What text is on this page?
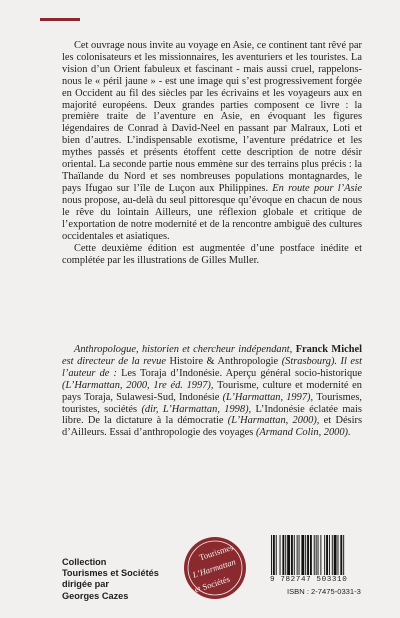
Cet ouvrage nous invite au voyage en Asie, ce continent tant rêvé par les colonisateurs et les missionnaires, les aventuriers et les touristes. La vision d’un Orient fabuleux et fascinant - mais aussi cruel, rappelons-nous le « péril jaune » - est une image qui s’est progressivement forgée en Occident au fil des siècles par les écrivains et les voyageurs aux en majorité européens. Deux grandes parties composent ce livre : la première traite de l’aventure en Asie, en évoquant les figures légendaires de Conrad à David-Neel en passant par Malraux, Loti et bien d’autres. L’indispensable exotisme, l’aventure prédatrice et les mythes passés et présents étoffent cette description de notre désir oriental. La seconde partie nous emmène sur des terrains plus précis : la Thaïlande du Nord et ses nombreuses populations montagnardes, le pays Ifugao sur l’île de Luçon aux Philippines. En route pour l’Asie nous propose, au-delà du seul pittoresque qu’évoque en chacun de nous le rêve du lointain Ailleurs, une réflexion globale et critique de l’exportation de notre modernité et de la rencontre ambiguë des cultures occidentales et asiatiques.

Cette deuxième édition est augmentée d’une postface inédite et complétée par les illustrations de Gilles Muller.

Anthropologue, historien et chercheur indépendant, Franck Michel est directeur de la revue Histoire & Anthropologie (Strasbourg). Il est l’auteur de : Les Toraja d’Indonésie. Aperçu général socio-historique (L’Harmattan, 2000, 1re éd. 1997), Tourisme, culture et modernité en pays Toraja, Sulawesi-Sud, Indonésie (L’Harmattan, 1997), Tourismes, touristes, sociétés (dir, L’Harmattan, 1998), L’Indonésie éclatée mais libre. De la dictature à la démocratie (L’Harmattan, 2000), et Désirs d’Ailleurs. Essai d’anthropologie des voyages (Armand Colin, 2000).
Collection
Tourismes et Sociétés
dirigée par
Georges Cazes
Tourismes
L’Harmattan
et Sociétés	9 782747 503310
ISBN : 2-7475-0331-3
